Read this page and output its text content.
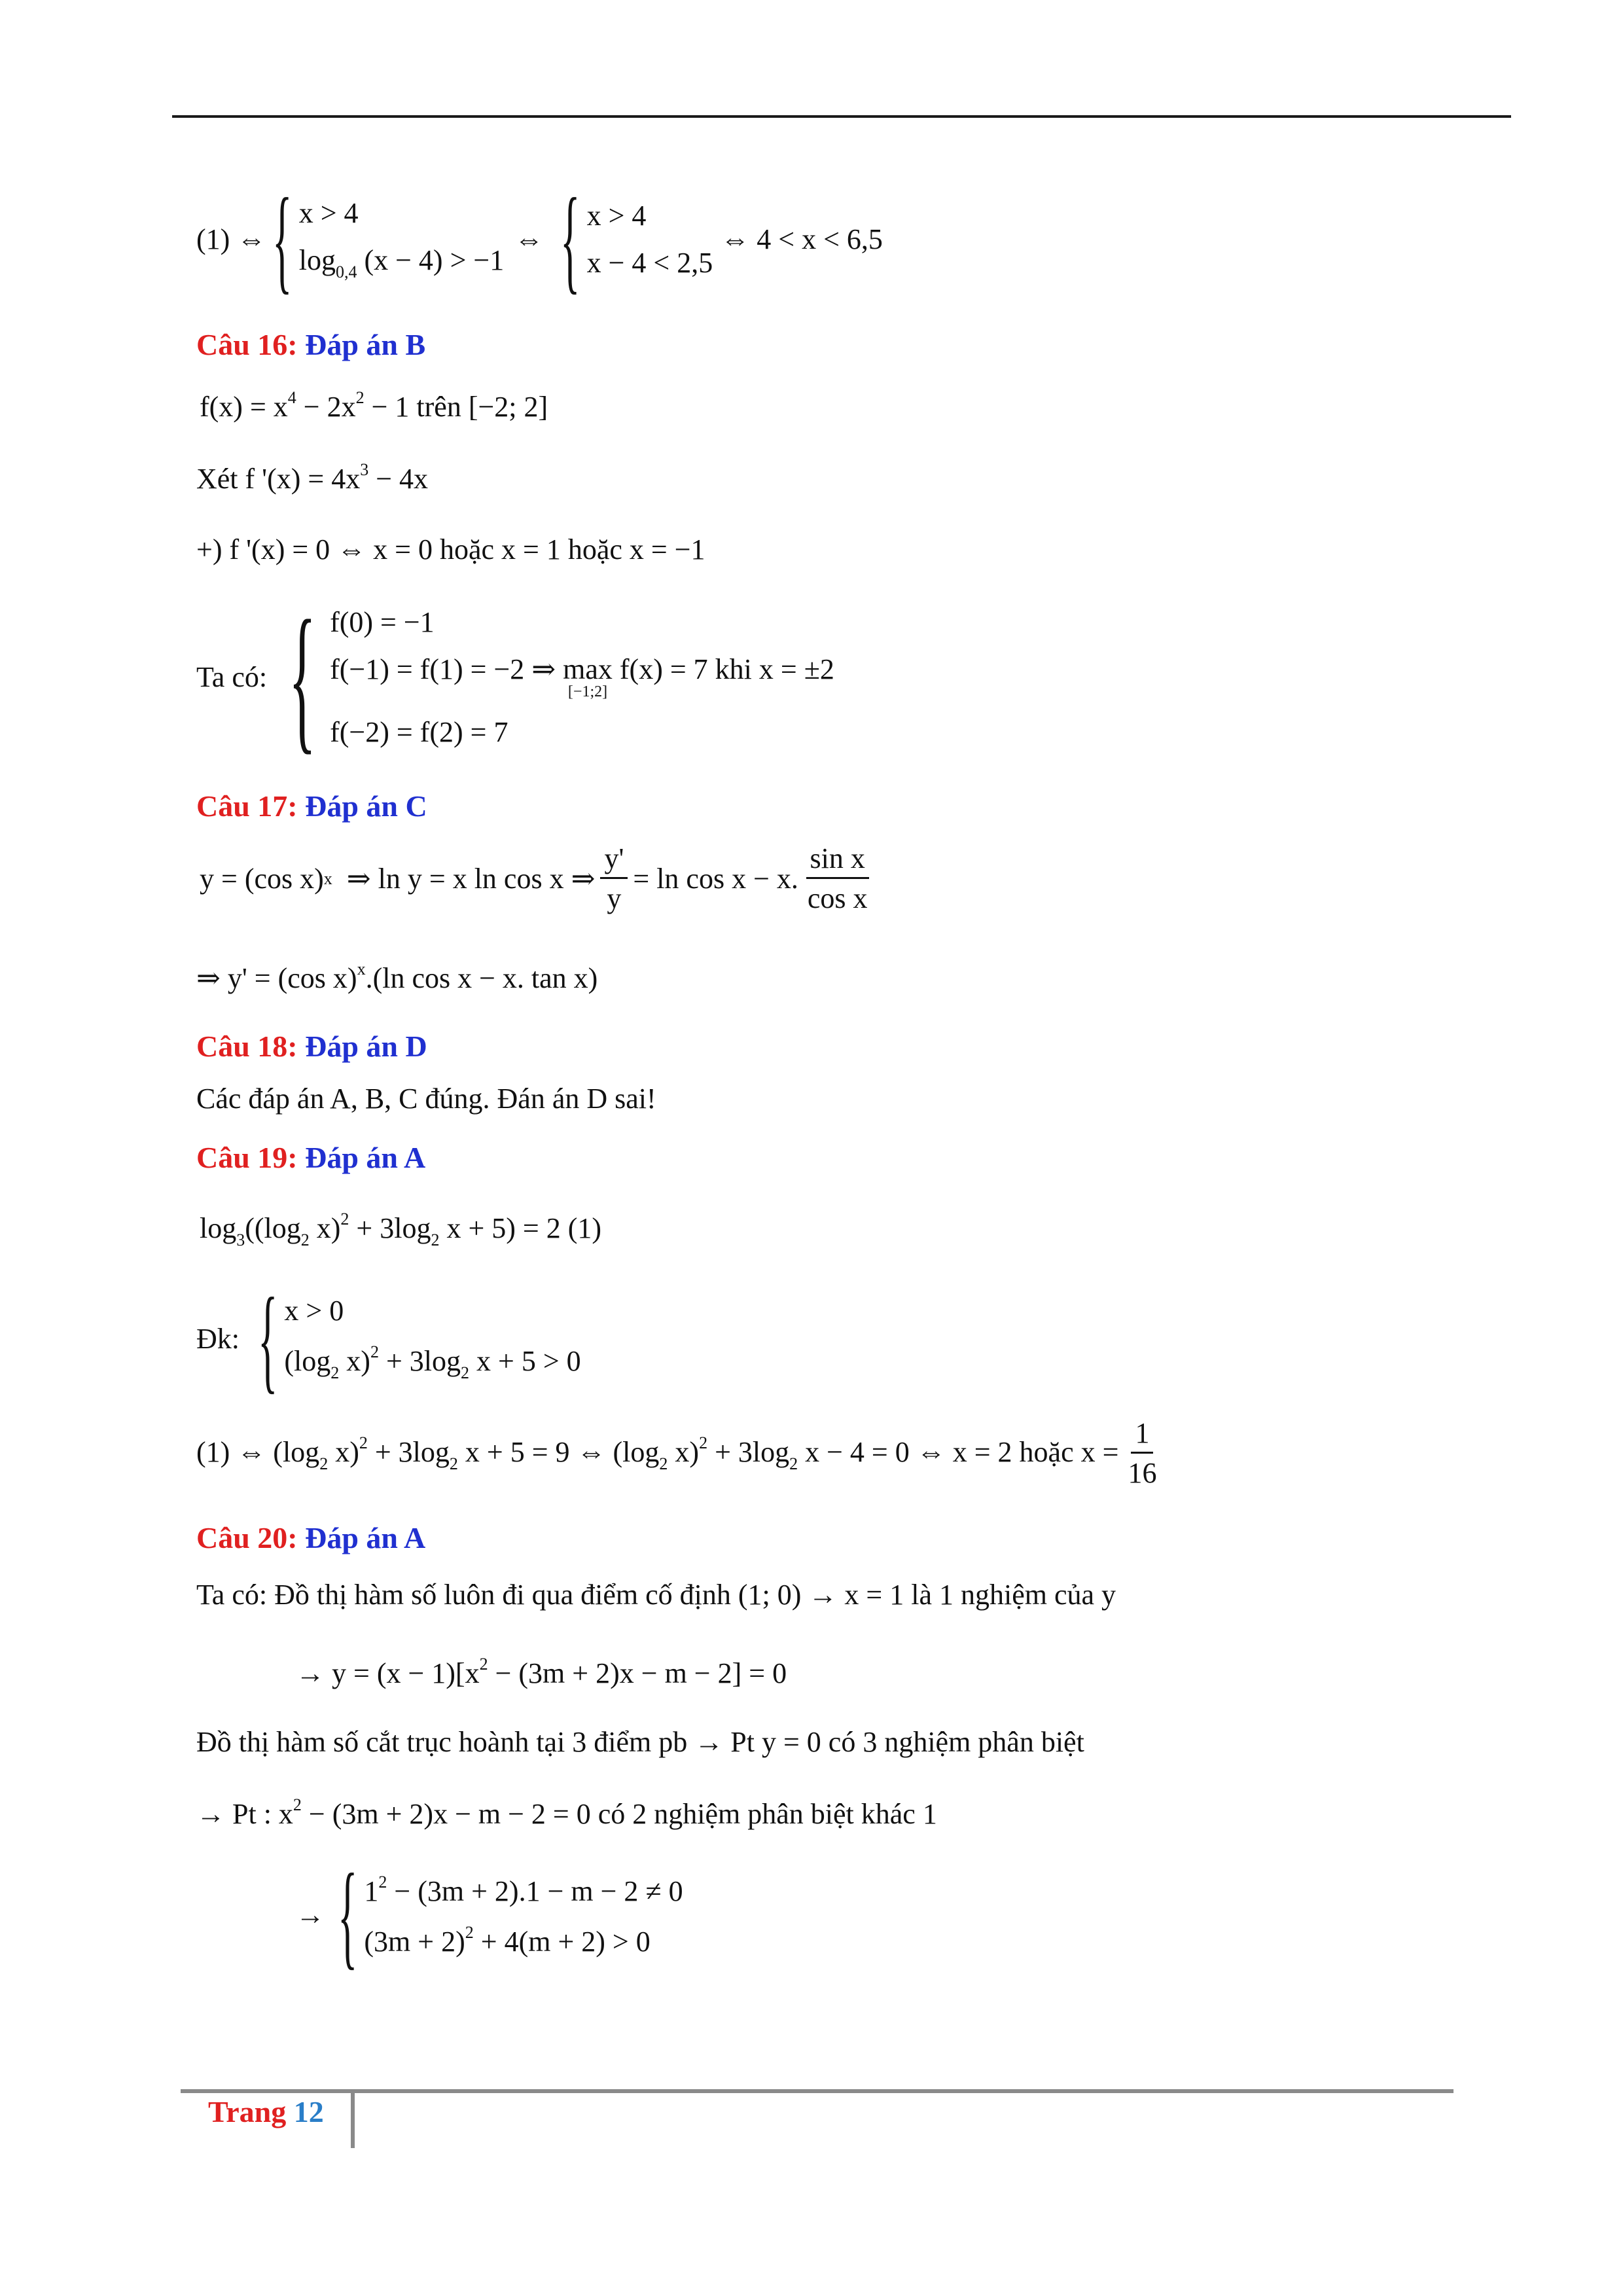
(1) ⇔ { x > 4
$\log_{0,4} (x - 4) > -1$
⇔ { x > 4
x − 4 < 2,5
⇔ 4 < x < 6,5
Câu 16: Đáp án B
$f(x) = x^4 - 2x^2 - 1$ trên [−2; 2]
Xét f '$(x) = 4x^3 - 4x$
+) f '(x) = 0 ⇔ x = 0 hoặc x = 1 hoặc x = −1
Ta có: { f(0) = −1
f(−1) = f(1) = −2 ⇒ max
[−1;2]
f(x) = 7 khi x = ±2
f(−2) = f(2) = 7
Câu 17: Đáp án C
y = (cos x) x ⇒ ln y = x ln cos x ⇒ $\frac{y'}{y} = \ln \cos x - x$. $\frac{\text{sin x}}{\text{cos x}}$
⇒ y' = (cos x)$^x$.(ln cos x − x. tan x)
Câu 18: Đáp án D
Các đáp án A, B, C đúng. Đán án D sai!
Câu 19: Đáp án A
$\log_3((\log_2$ $x)^2 + 3\log_2$ x + 5) = 2 (1)
Đk: { x > 0
($\log_2$ $x)^2 + 3\log_2$ x + 5 > 0
(1) ⇔ ($\log_2$ $x)^2 + 3\log_2$ x + 5 = 9 ⇔ ($\log_2$ $x)^2 + 3\log_2$ x − 4 = 0 ⇔ x = 2 hoặc $x = \frac{1}{16}$
Câu 20: Đáp án A
Ta có: Đồ thị hàm số luôn đi qua điểm cố định (1; 0) → x = 1 là 1 nghiệm của y
→ $y = (x - 1)[x^2 - (3m + 2)x - m - 2] = 0$
Đồ thị hàm số cắt trục hoành tại 3 điểm pb → Pt y = 0 có 3 nghiệm phân biệt
→ Pt : $x^2 - (3m + 2)x - m - 2 = 0$ có 2 nghiệm phân biệt khác 1
→ { $1^2 - (3m + 2).1 - m - 2 \ne 0$
$(3m + 2)^2 + 4(m + 2) > 0$
Trang 12
